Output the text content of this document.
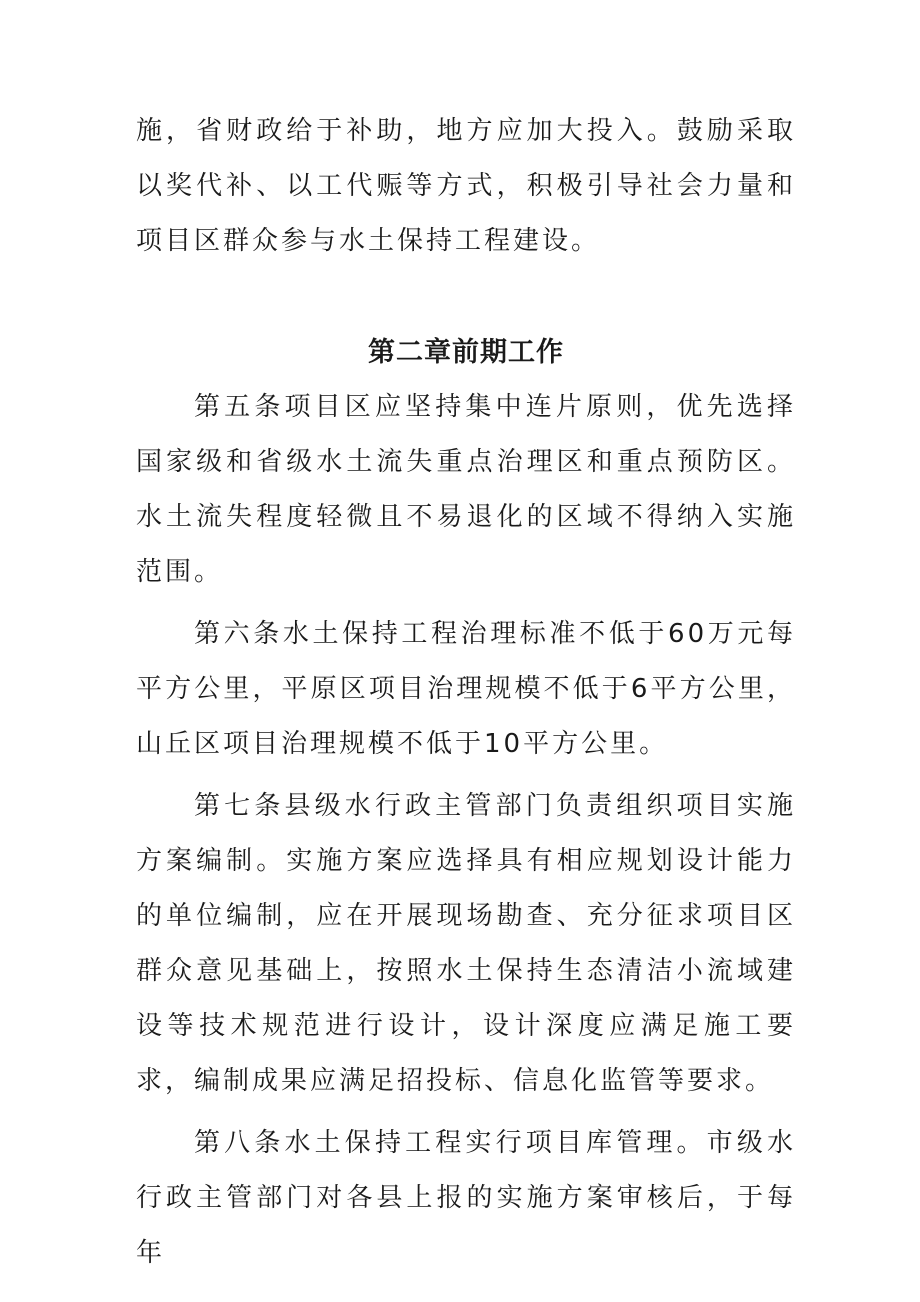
施，省财政给于补助，地方应加大投入。鼓励采取以奖代补、以工代赈等方式，积极引导社会力量和项目区群众参与水土保持工程建设。

第二章前期工作

第五条项目区应坚持集中连片原则，优先选择国家级和省级水土流失重点治理区和重点预防区。水土流失程度轻微且不易退化的区域不得纳入实施范围。

第六条水土保持工程治理标准不低于60万元每平方公里，平原区项目治理规模不低于6平方公里，山丘区项目治理规模不低于10平方公里。

第七条县级水行政主管部门负责组织项目实施方案编制。实施方案应选择具有相应规划设计能力的单位编制，应在开展现场勘查、充分征求项目区群众意见基础上，按照水土保持生态清洁小流域建设等技术规范进行设计，设计深度应满足施工要求，编制成果应满足招投标、信息化监管等要求。

第八条水土保持工程实行项目库管理。市级水行政主管部门对各县上报的实施方案审核后，于每年
